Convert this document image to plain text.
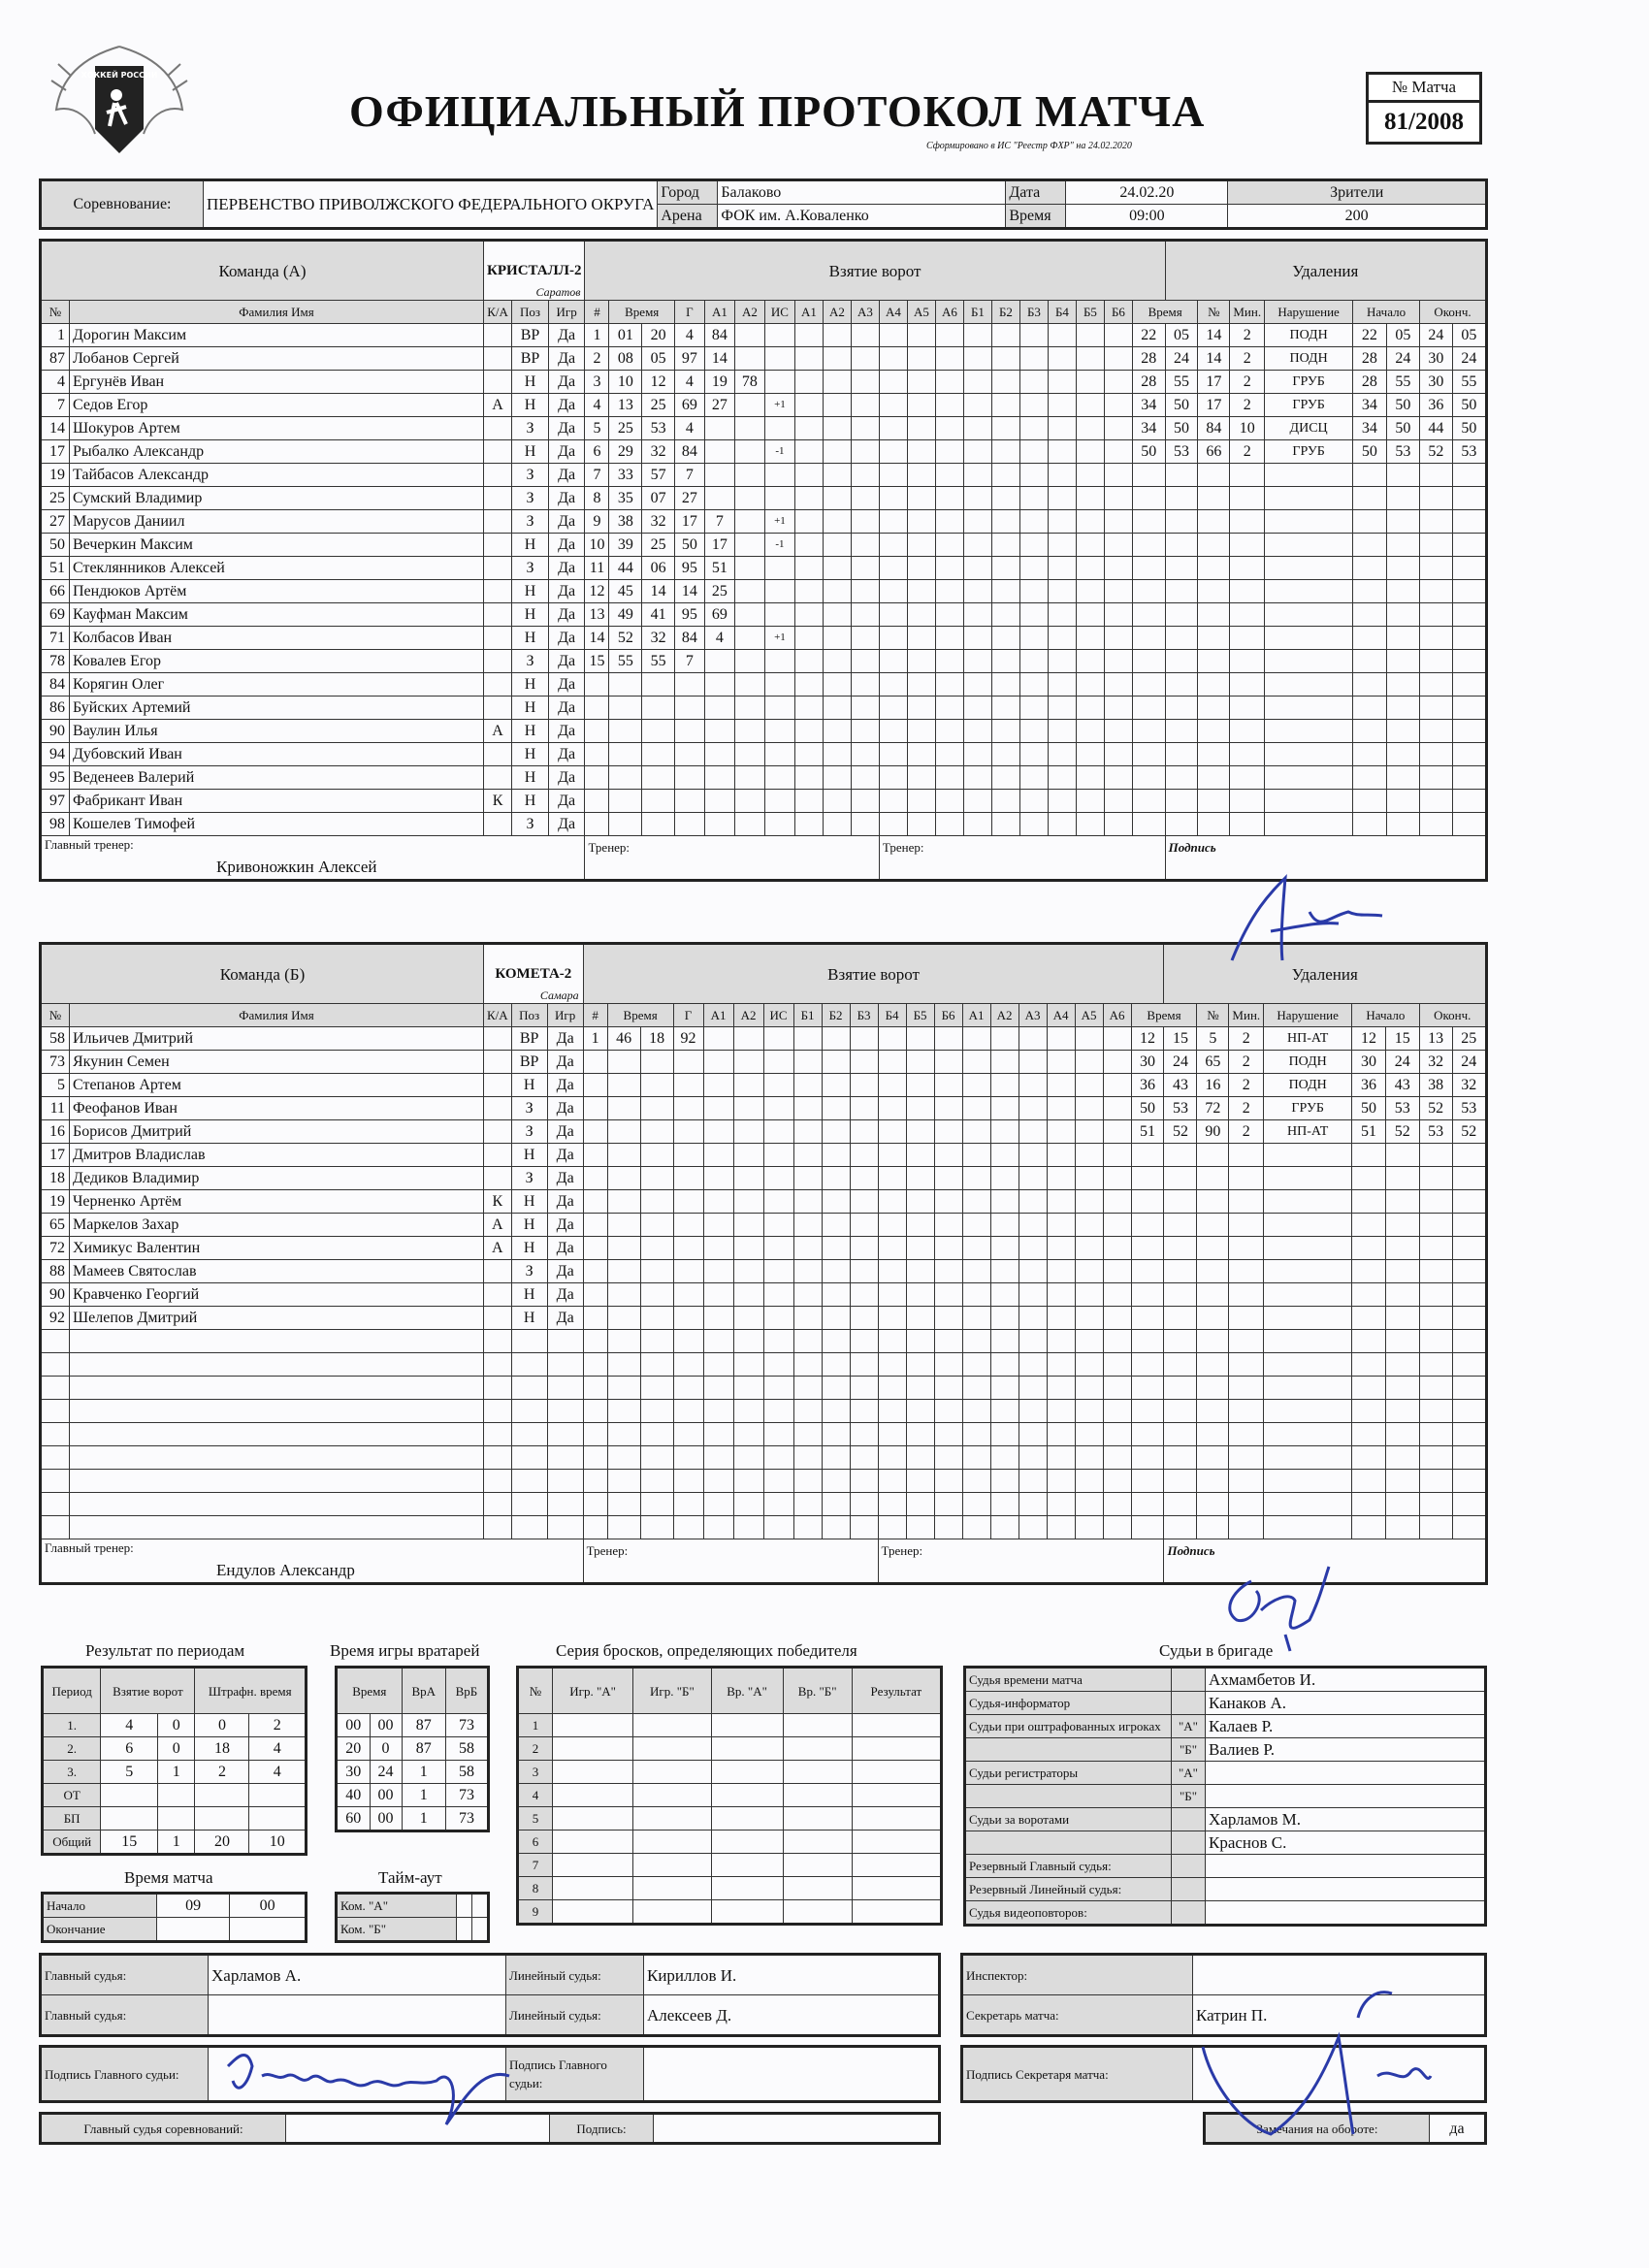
ХОККЕЙ РОССИИ
ОФИЦИАЛЬНЫЙ ПРОТОКОЛ МАТЧА
Сформировано в ИС "Реестр ФХР" на 24.02.2020
№ Матча
81/2008
Соревнование:	ПЕРВЕНСТВО ПРИВОЛЖСКОГО ФЕДЕРАЛЬНОГО ОКРУГА	Город	Балаково	Дата	24.02.20	Зрители
		Арена	ФОК им. А.Коваленко	Время	09:00	200
Команда (А)		КРИСТАЛЛ-2
Саратов			Взятие ворот																				Удаления							
№	Фамилия Имя	К/А	Поз	Игр	#	Время		Г	А1	А2	ИС	А1	А2	А3	А4	А5	А6	Б1	Б2	Б3	Б4	Б5	Б6	Время		№	Мин.	Нарушение	Начало		Оконч.	
1	Дорогин Максим		ВР	Да	1	01	20	4	84															22	05	14	2	ПОДН	22	05	24	05
87	Лобанов Сергей		ВР	Да	2	08	05	97	14															28	24	14	2	ПОДН	28	24	30	24
4	Ергунёв Иван		Н	Да	3	10	12	4	19	78														28	55	17	2	ГРУБ	28	55	30	55
7	Седов Егор	А	Н	Да	4	13	25	69	27		+1													34	50	17	2	ГРУБ	34	50	36	50
14	Шокуров Артем		З	Да	5	25	53	4																34	50	84	10	ДИСЦ	34	50	44	50
17	Рыбалко Александр		Н	Да	6	29	32	84			-1													50	53	66	2	ГРУБ	50	53	52	53
19	Тайбасов Александр		З	Да	7	33	57	7																								
25	Сумский Владимир		З	Да	8	35	07	27																								
27	Марусов Даниил		З	Да	9	38	32	17	7		+1																					
50	Вечеркин Максим		Н	Да	10	39	25	50	17		-1																					
51	Стеклянников Алексей		З	Да	11	44	06	95	51																							
66	Пендюков Артём		Н	Да	12	45	14	14	25																							
69	Кауфман Максим		Н	Да	13	49	41	95	69																							
71	Колбасов Иван		Н	Да	14	52	32	84	4		+1																					
78	Ковалев Егор		З	Да	15	55	55	7																								
84	Корягин Олег		Н	Да																												
86	Буйских Артемий		Н	Да																												
90	Ваулин Илья	А	Н	Да																												
94	Дубовский Иван		Н	Да																												
95	Веденеев Валерий		Н	Да																												
97	Фабрикант Иван	К	Н	Да																												
98	Кошелев Тимофей		З	Да																												

Главный тренер:
Кривоножкин Алексей					Тренер:										Тренер:										Подпись							
Команда (Б)		КОМЕТА-2
Самара			Взятие ворот																				Удаления							
№	Фамилия Имя	К/А	Поз	Игр	#	Время		Г	А1	А2	ИС	Б1	Б2	Б3	Б4	Б5	Б6	А1	А2	А3	А4	А5	А6	Время		№	Мин.	Нарушение	Начало		Оконч.	
58	Ильичев Дмитрий		ВР	Да	1	46	18	92																12	15	5	2	НП-АТ	12	15	13	25
73	Якунин Семен		ВР	Да																				30	24	65	2	ПОДН	30	24	32	24
5	Степанов Артем		Н	Да																				36	43	16	2	ПОДН	36	43	38	32
11	Феофанов Иван		З	Да																				50	53	72	2	ГРУБ	50	53	52	53
16	Борисов Дмитрий		З	Да																				51	52	90	2	НП-АТ	51	52	53	52
17	Дмитров Владислав		Н	Да																												
18	Дедиков Владимир		З	Да																												
19	Черненко Артём	К	Н	Да																												
65	Маркелов Захар	А	Н	Да																												
72	Химикус Валентин	А	Н	Да																												
88	Мамеев Святослав		З	Да																												
90	Кравченко Георгий		Н	Да																												
92	Шелепов Дмитрий		Н	Да																												

Главный тренер:
Ендулов Александр					Тренер:										Тренер:										Подпись							
Результат по периодам	Время игры вратарей	Серия бросков, определяющих победителя	Судьи в бригаде
Период	Взятие ворот		Штрафн. время	
1.	4	0	0	2
2.	6	0	18	4
3.	5	1	2	4
ОТ				
БП				
Общий	15	1	20	10
Время		ВрА	ВрБ
00	00	87	73
20	0	87	58
30	24	1	58
40	00	1	73
60	00	1	73
Время матча
Начало	09	00
Окончание		
Тайм-аут
Ком. "А"		
Ком. "Б"		
№	Игр. "А"	Игр. "Б"	Вр. "А"	Вр. "Б"	Результат
1					
2					
3					
4					
5					
6					
7					
8					
9					
Судья времени матча		Ахмамбетов И.
Судья-информатор		Канаков А.
Судьи при оштрафованных игроках	"А"	Калаев Р.
	"Б"	Валиев Р.
Судьи регистраторы	"А"	
	"Б"	
Судьи за воротами		Харламов М.
		Краснов С.
Резервный Главный судья:		
Резервный Линейный судья:		
Судья видеоповторов:		
Главный судья:	Харламов А.	Линейный судья:	Кириллов И.
Главный судья:		Линейный судья:	Алексеев Д.
Инспектор:	
Секретарь матча:	Катрин П.
Подпись Главного судьи:		Подпись Главного судьи:	
Подпись Секретаря матча:	
Главный судья соревнований:		Подпись:		Замечания на обороте:	да
